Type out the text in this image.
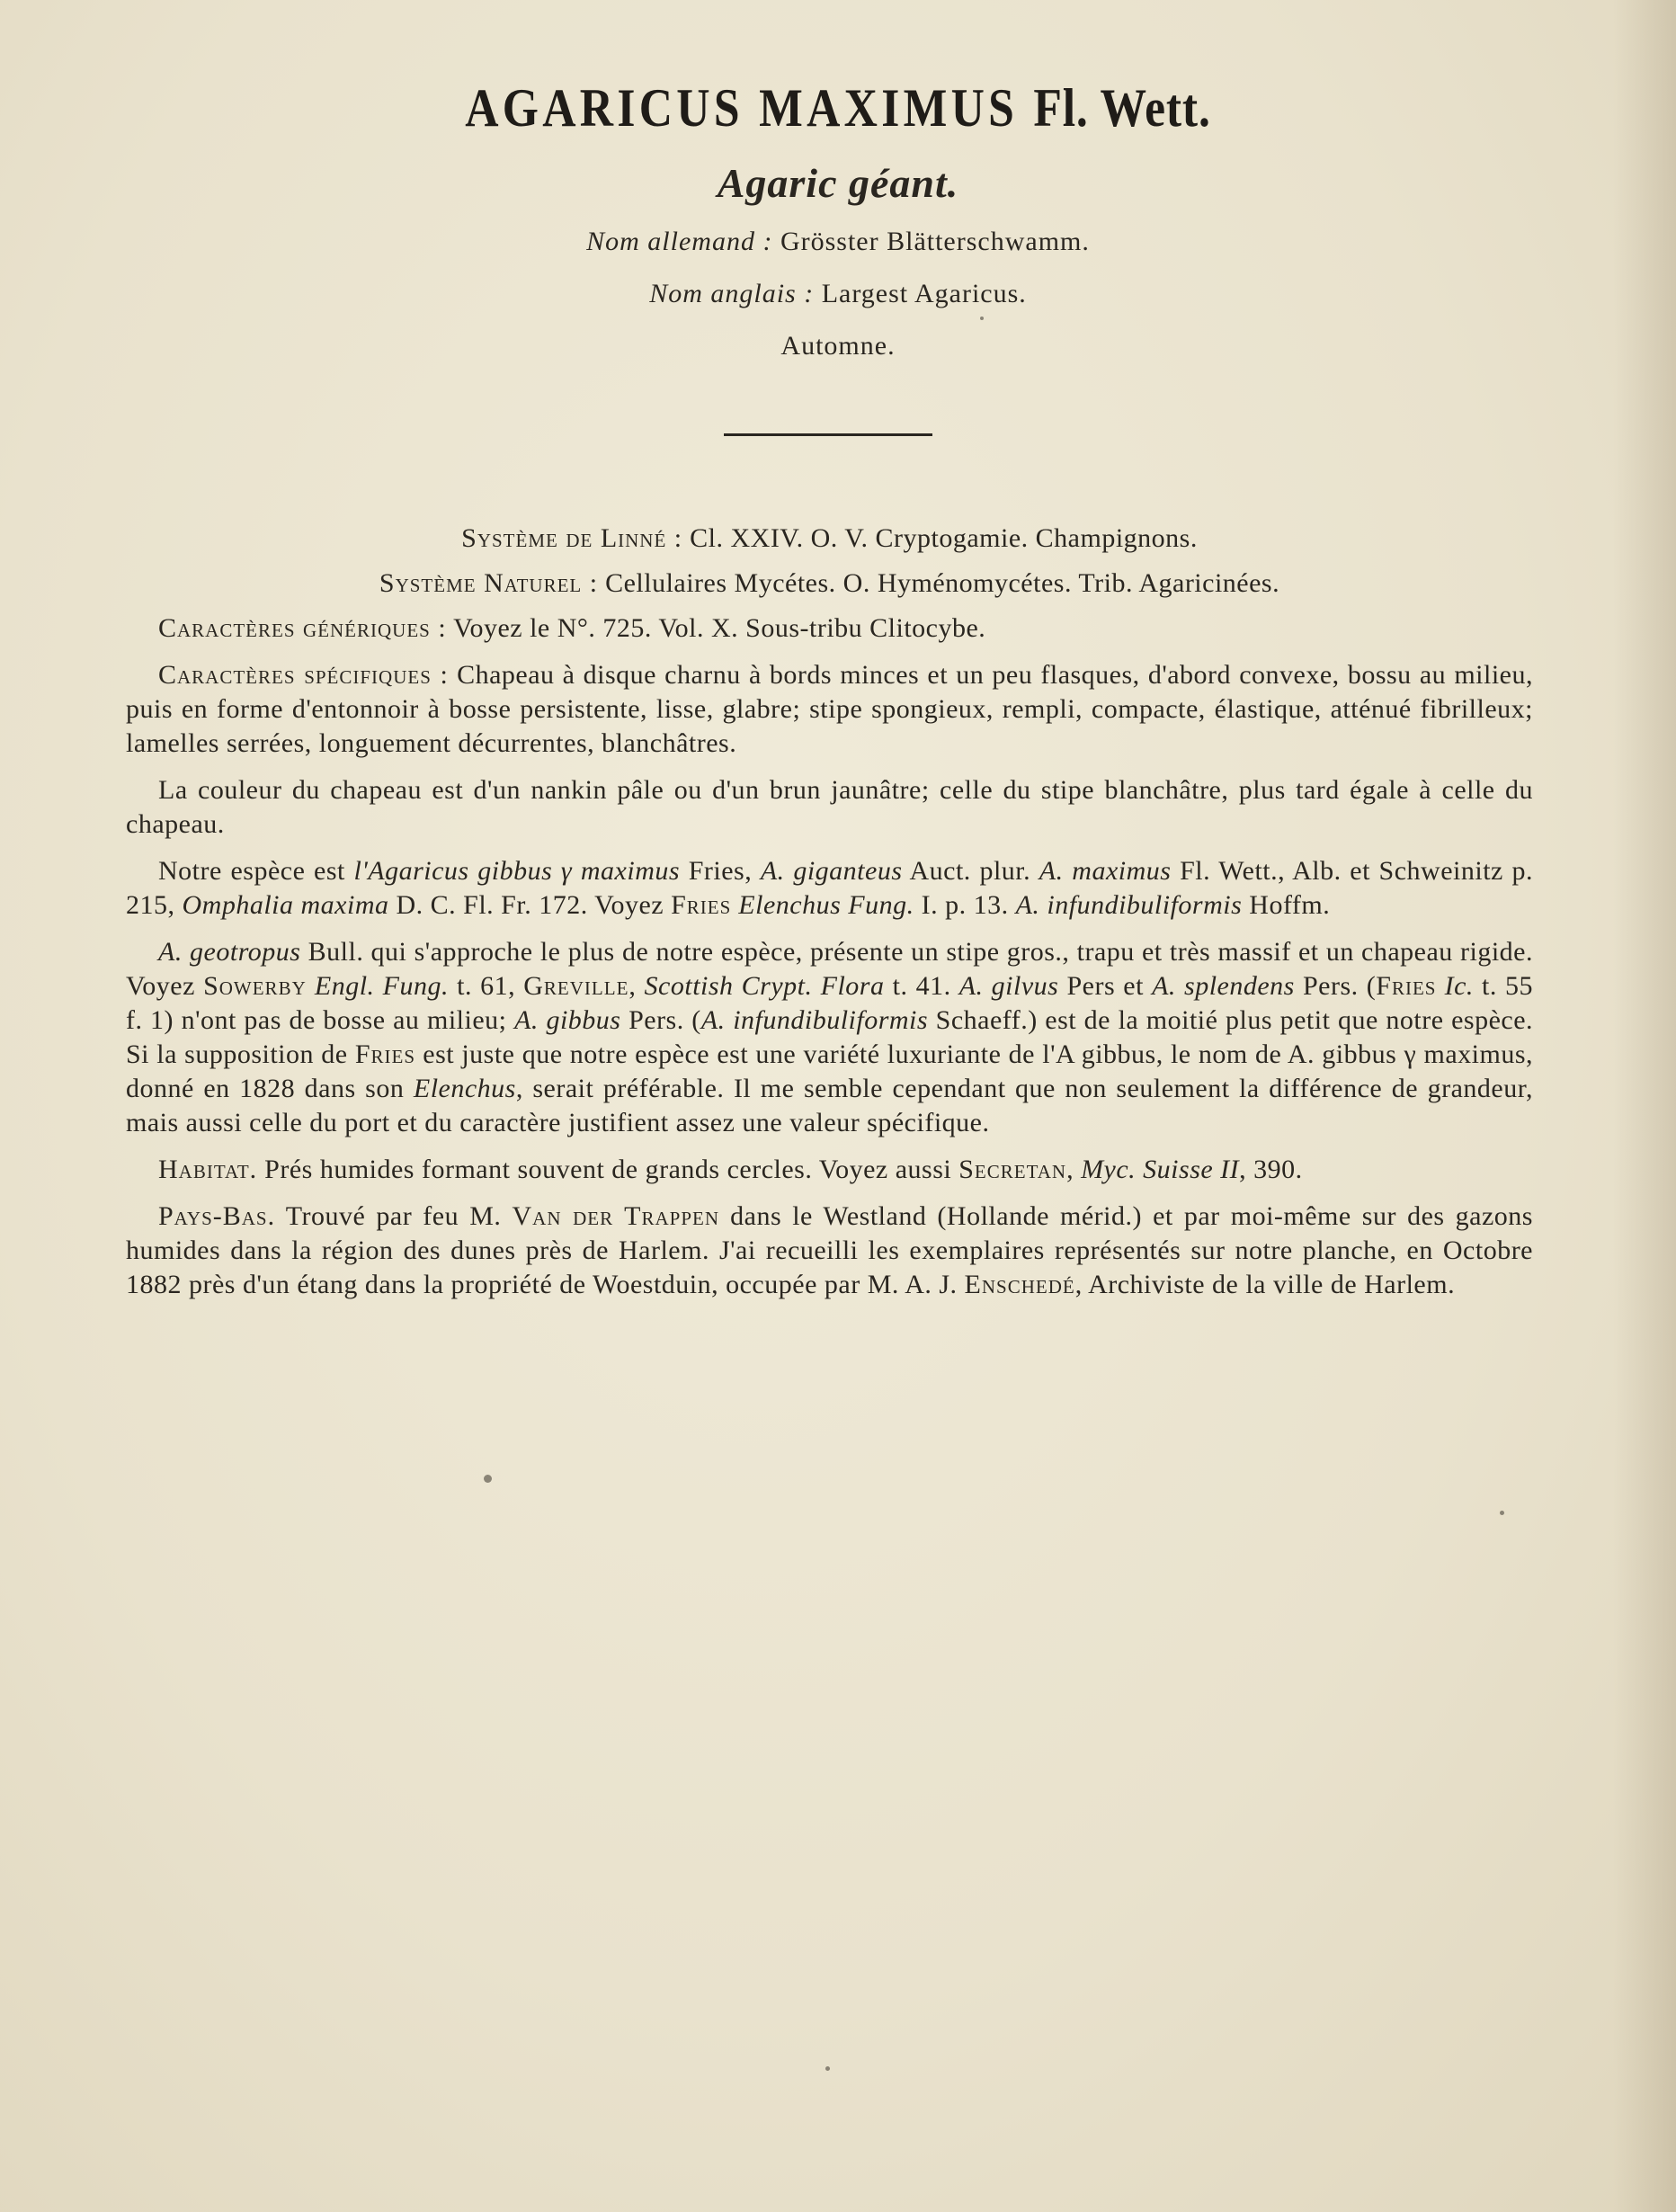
AGARICUS MAXIMUS Fl. Wett.
Agaric géant.
Nom allemand : Grösster Blätterschwamm.
Nom anglais : Largest Agaricus.
Automne.

Système de Linné : Cl. XXIV. O. V. Cryptogamie. Champignons.

Système Naturel : Cellulaires Mycétes. O. Hyménomycétes. Trib. Agaricinées.

Caractères génériques : Voyez le N°. 725. Vol. X. Sous-tribu Clitocybe.

Caractères spécifiques : Chapeau à disque charnu à bords minces et un peu flasques, d'abord convexe, bossu au milieu, puis en forme d'entonnoir à bosse persistente, lisse, glabre; stipe spongieux, rempli, compacte, élastique, atténué fibrilleux; lamelles serrées, longuement décurrentes, blanchâtres.

La couleur du chapeau est d'un nankin pâle ou d'un brun jaunâtre; celle du stipe blanchâtre, plus tard égale à celle du chapeau.

Notre espèce est l'Agaricus gibbus γ maximus Fries, A. giganteus Auct. plur. A. maximus Fl. Wett., Alb. et Schweinitz p. 215, Omphalia maxima D. C. Fl. Fr. 172. Voyez Fries Elenchus Fung. I. p. 13. A. infundibuliformis Hoffm.

A. geotropus Bull. qui s'approche le plus de notre espèce, présente un stipe gros., trapu et très massif et un chapeau rigide. Voyez Sowerby Engl. Fung. t. 61, Greville, Scottish Crypt. Flora t. 41. A. gilvus Pers et A. splendens Pers. (Fries Ic. t. 55 f. 1) n'ont pas de bosse au milieu; A. gibbus Pers. (A. infundibuliformis Schaeff.) est de la moitié plus petit que notre espèce. Si la supposition de Fries est juste que notre espèce est une variété luxuriante de l'A gibbus, le nom de A. gibbus γ maximus, donné en 1828 dans son Elenchus, serait préférable. Il me semble cependant que non seulement la différence de grandeur, mais aussi celle du port et du caractère justifient assez une valeur spécifique.

Habitat. Prés humides formant souvent de grands cercles. Voyez aussi Secretan, Myc. Suisse II, 390.

Pays-Bas. Trouvé par feu M. Van der Trappen dans le Westland (Hollande mérid.) et par moi-même sur des gazons humides dans la région des dunes près de Harlem. J'ai recueilli les exemplaires représentés sur notre planche, en Octobre 1882 près d'un étang dans la propriété de Woestduin, occupée par M. A. J. Enschedé, Archiviste de la ville de Harlem.
